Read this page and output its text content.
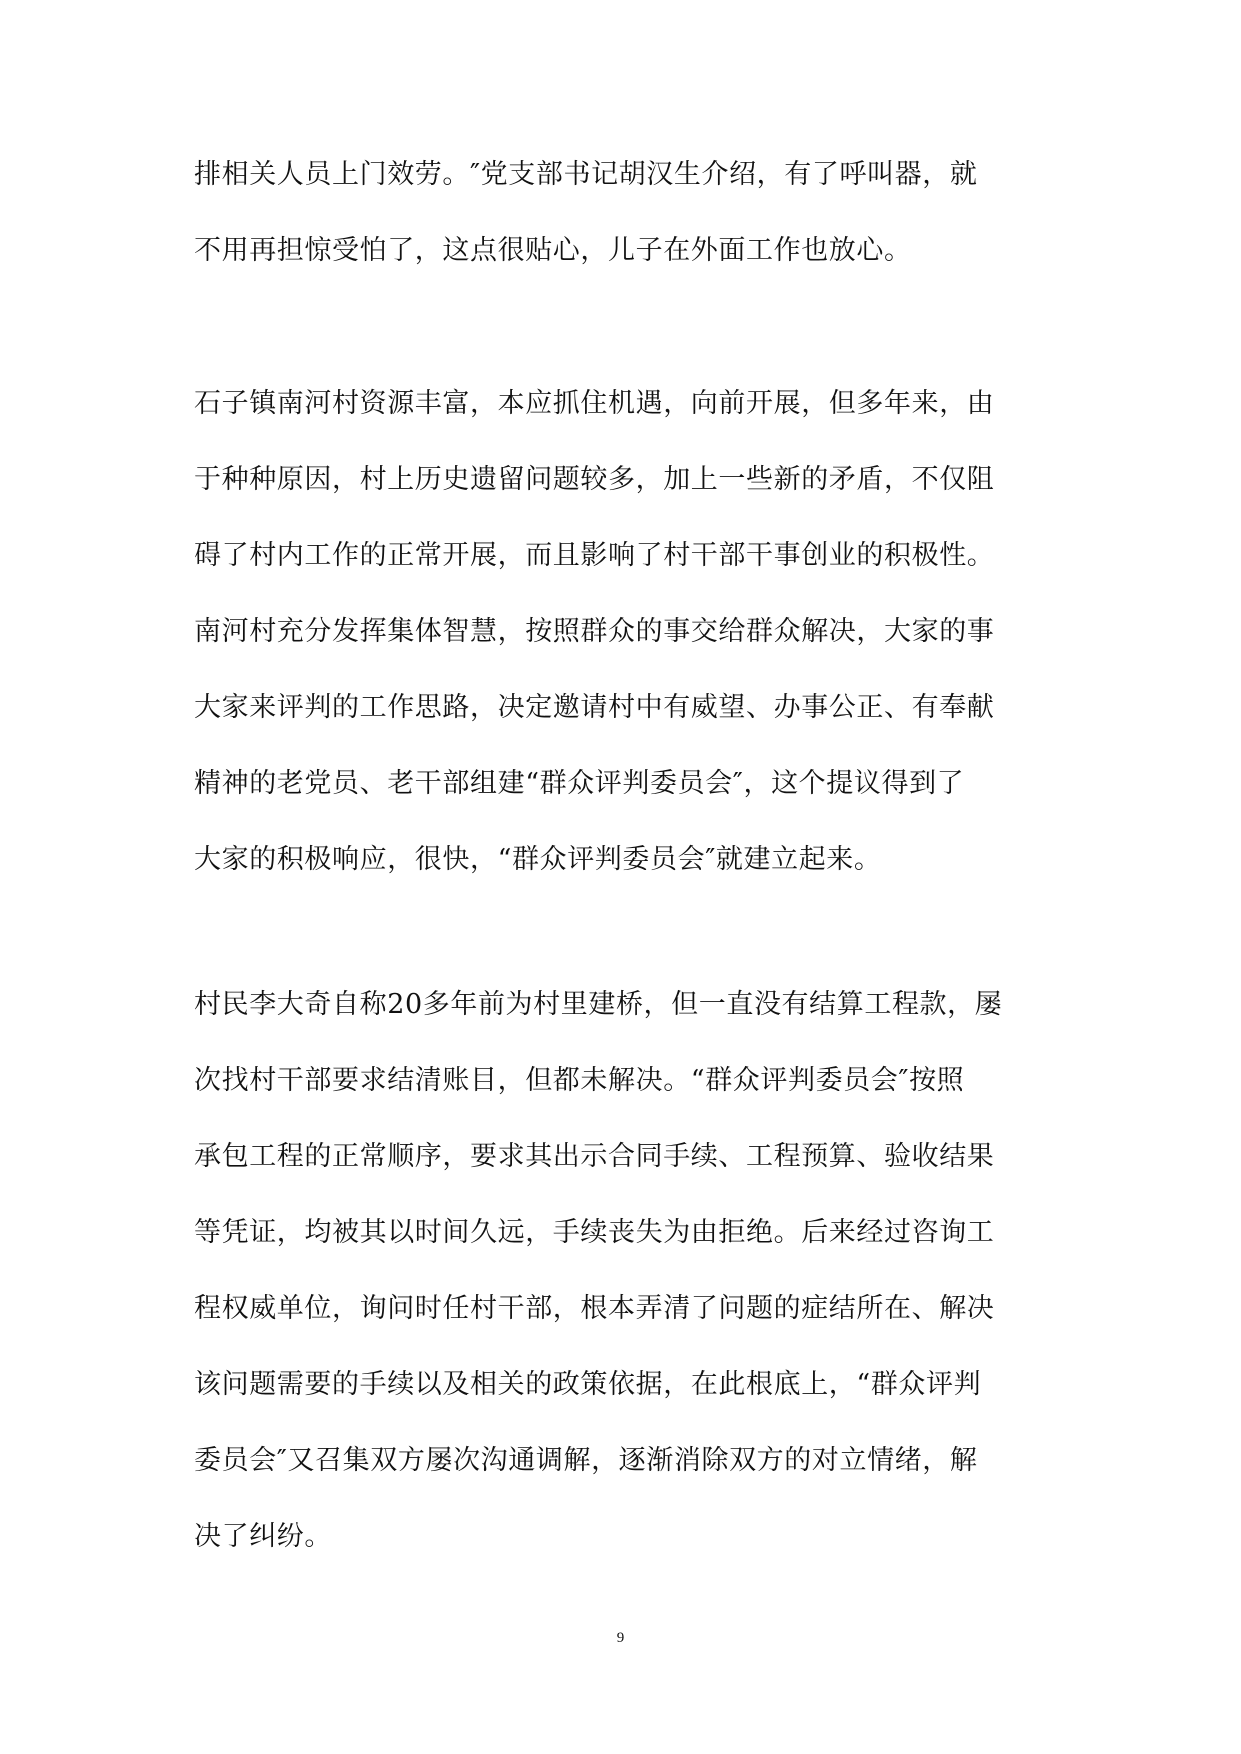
排相关人员上门效劳。″党支部书记胡汉生介绍，有了呼叫器，就
不用再担惊受怕了，这点很贴心，儿子在外面工作也放心。
石子镇南河村资源丰富，本应抓住机遇，向前开展，但多年来，由
于种种原因，村上历史遗留问题较多，加上一些新的矛盾，不仅阻
碍了村内工作的正常开展，而且影响了村干部干事创业的积极性。
南河村充分发挥集体智慧，按照群众的事交给群众解决，大家的事
大家来评判的工作思路，决定邀请村中有威望、办事公正、有奉献
精神的老党员、老干部组建“群众评判委员会″，这个提议得到了
大家的积极响应，很快，“群众评判委员会″就建立起来。
村民李大奇自称20多年前为村里建桥，但一直没有结算工程款，屡
次找村干部要求结清账目，但都未解决。“群众评判委员会″按照
承包工程的正常顺序，要求其出示合同手续、工程预算、验收结果
等凭证，均被其以时间久远，手续丧失为由拒绝。后来经过咨询工
程权威单位，询问时任村干部，根本弄清了问题的症结所在、解决
该问题需要的手续以及相关的政策依据，在此根底上，“群众评判
委员会″又召集双方屡次沟通调解，逐渐消除双方的对立情绪，解
决了纠纷。
9
